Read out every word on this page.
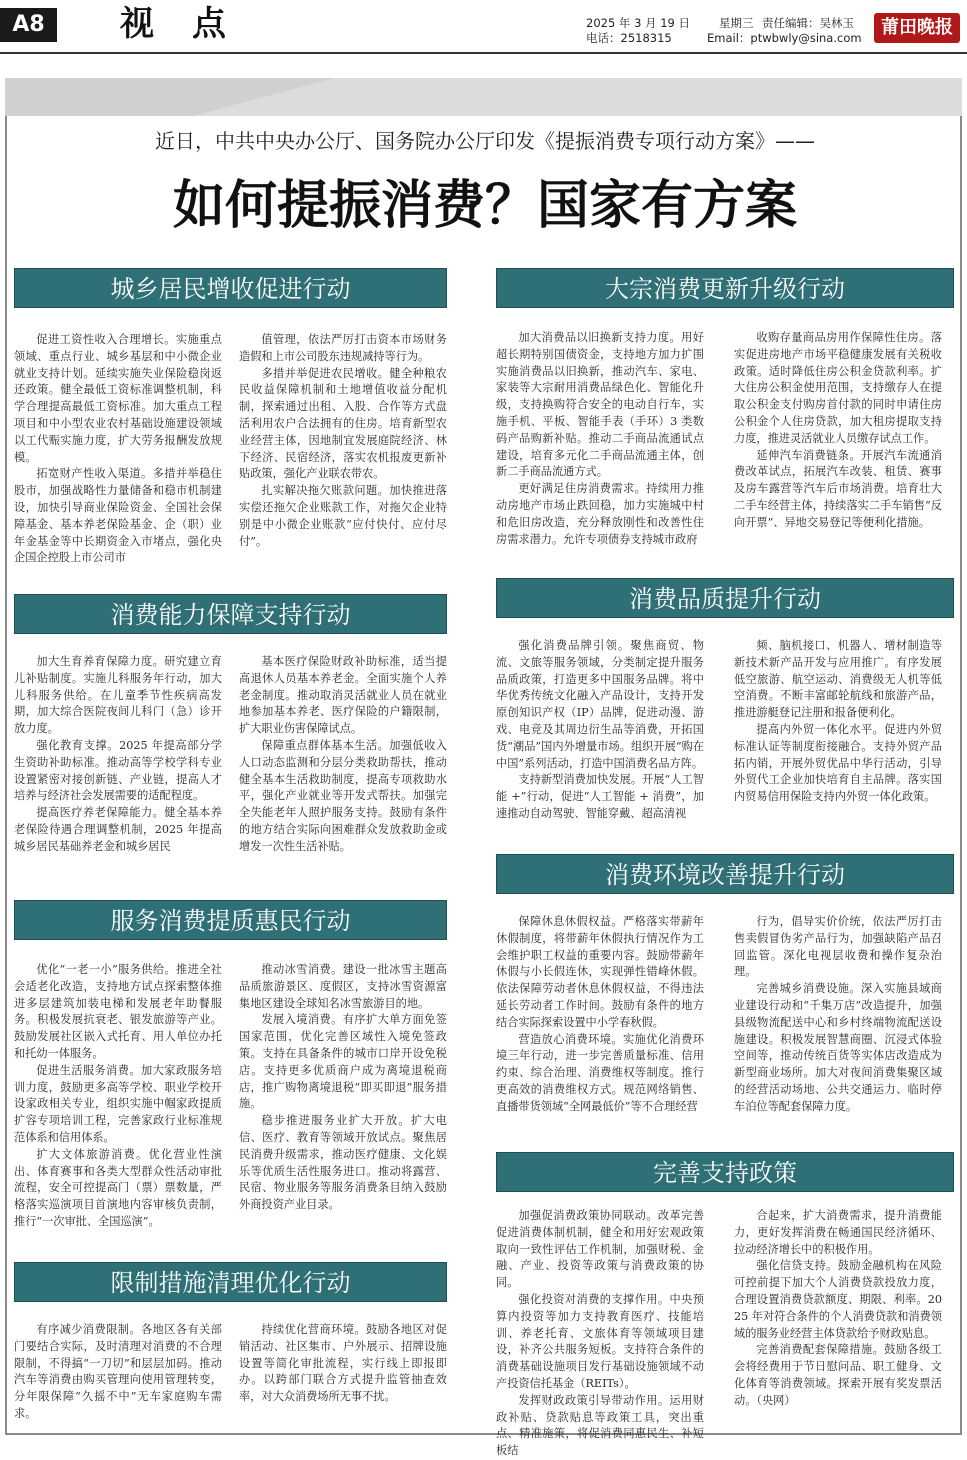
A8	视点	2025 年 3 月 19 日
电话：2518315
星期三 责任编辑：吴林玉
Email：ptwbwly@sina.com	莆田晚报
近日，中共中央办公厅、国务院办公厅印发《提振消费专项行动方案》——
如何提振消费？国家有方案
城乡居民增收促进行动

促进工资性收入合理增长。实施重点领域、重点行业、城乡基层和中小微企业就业支持计划。延续实施失业保险稳岗返还政策。健全最低工资标准调整机制，科学合理提高最低工资标准。加大重点工程项目和中小型农业农村基础设施建设领域以工代赈实施力度，扩大劳务报酬发放规模。

拓宽财产性收入渠道。多措并举稳住股市，加强战略性力量储备和稳市机制建设，加快引导商业保险资金、全国社会保障基金、基本养老保险基金、企（职）业年金基金等中长期资金入市堵点，强化央企国企控股上市公司市

值管理，依法严厉打击资本市场财务造假和上市公司股东违规减持等行为。

多措并举促进农民增收。健全种粮农民收益保障机制和土地增值收益分配机制，探索通过出租、入股、合作等方式盘活利用农户合法拥有的住房。培育新型农业经营主体，因地制宜发展庭院经济、林下经济、民宿经济，落实农机报废更新补贴政策，强化产业联农带农。

扎实解决拖欠账款问题。加快推进落实偿还拖欠企业账款工作，对拖欠企业特别是中小微企业账款“应付快付、应付尽付”。

消费能力保障支持行动

加大生育养育保障力度。研究建立育儿补贴制度。实施儿科服务年行动，加大儿科服务供给。在儿童季节性疾病高发期，加大综合医院夜间儿科门（急）诊开放力度。

强化教育支撑。2025 年提高部分学生资助补助标准。推动高等学校学科专业设置紧密对接创新链、产业链，提高人才培养与经济社会发展需要的适配程度。

提高医疗养老保障能力。健全基本养老保险待遇合理调整机制，2025 年提高城乡居民基础养老金和城乡居民

基本医疗保险财政补助标准，适当提高退休人员基本养老金。全面实施个人养老金制度。推动取消灵活就业人员在就业地参加基本养老、医疗保险的户籍限制，扩大职业伤害保障试点。

保障重点群体基本生活。加强低收入人口动态监测和分层分类救助帮扶，推动健全基本生活救助制度，提高专项救助水平，强化产业就业等开发式帮扶。加强完全失能老年人照护服务支持。鼓励有条件的地方结合实际向困难群众发放救助金或增发一次性生活补贴。

服务消费提质惠民行动

优化“一老一小”服务供给。推进全社会适老化改造，支持地方试点探索整体推进多层建筑加装电梯和发展老年助餐服务。积极发展抗衰老、银发旅游等产业。鼓励发展社区嵌入式托育、用人单位办托和托幼一体服务。

促进生活服务消费。加大家政服务培训力度，鼓励更多高等学校、职业学校开设家政相关专业，组织实施中帼家政提质扩容专项培训工程，完善家政行业标准规范体系和信用体系。

扩大文体旅游消费。优化营业性演出、体育赛事和各类大型群众性活动审批流程，安全可控提高门（票）票数量，严格落实巡演项目首演地内容审核负责制，推行“一次审批、全国巡演”。

推动冰雪消费。建设一批冰雪主题高品质旅游景区、度假区，支持冰雪资源富集地区建设全球知名冰雪旅游目的地。

发展入境消费。有序扩大单方面免签国家范围，优化完善区域性入境免签政策。支持在具备条件的城市口岸开设免税店。支持更多优质商户成为离境退税商店，推广购物离境退税“即买即退”服务措施。

稳步推进服务业扩大开放。扩大电信、医疗、教育等领域开放试点。聚焦居民消费升级需求，推动医疗健康、文化娱乐等优质生活性服务进口。推动将露营、民宿、物业服务等服务消费条目纳入鼓励外商投资产业目录。

限制措施清理优化行动

有序减少消费限制。各地区各有关部门要结合实际，及时清理对消费的不合理限制，不得搞“一刀切”和层层加码。推动汽车等消费由购买管理向使用管理转变，分年限保障“久摇不中”无车家庭购车需求。

持续优化营商环境。鼓励各地区对促销活动、社区集市、户外展示、招牌设施设置等简化审批流程，实行线上即报即办。以跨部门联合方式提升监管抽查效率，对大众消费场所无事不扰。

大宗消费更新升级行动

加大消费品以旧换新支持力度。用好超长期特别国债资金，支持地方加力扩围实施消费品以旧换新，推动汽车、家电、家装等大宗耐用消费品绿色化、智能化升级，支持换购符合安全的电动自行车，实施手机、平板、智能手表（手环）3 类数码产品购新补贴。推动二手商品流通试点建设，培育多元化二手商品流通主体，创新二手商品流通方式。

更好满足住房消费需求。持续用力推动房地产市场止跌回稳，加力实施城中村和危旧房改造，充分释放刚性和改善性住房需求潜力。允许专项债券支持城市政府

收购存量商品房用作保障性住房。落实促进房地产市场平稳健康发展有关税收政策。适时降低住房公积金贷款利率。扩大住房公积金使用范围，支持缴存人在提取公积金支付购房首付款的同时申请住房公积金个人住房贷款，加大租房提取支持力度，推进灵活就业人员缴存试点工作。

延伸汽车消费链条。开展汽车流通消费改革试点，拓展汽车改装、租赁、赛事及房车露营等汽车后市场消费。培育壮大二手车经营主体，持续落实二手车销售“反向开票”、异地交易登记等便利化措施。

消费品质提升行动

强化消费品牌引领。聚焦商贸、物流、文旅等服务领域，分类制定提升服务品质政策，打造更多中国服务品牌。将中华优秀传统文化融入产品设计，支持开发原创知识产权（IP）品牌，促进动漫、游戏、电竞及其周边衍生品等消费，开拓国货“潮品”国内外增量市场。组织开展“购在中国”系列活动，打造中国消费名品方阵。

支持新型消费加快发展。开展“人工智能 +”行动，促进“人工智能 + 消费”，加速推动自动驾驶、智能穿戴、超高清视

频、脑机接口、机器人、增材制造等新技术新产品开发与应用推广。有序发展低空旅游、航空运动、消费级无人机等低空消费。不断丰富邮轮航线和旅游产品，推进游艇登记注册和报备便利化。

提高内外贸一体化水平。促进内外贸标准认证等制度衔接融合。支持外贸产品拓内销，开展外贸优品中华行活动，引导外贸代工企业加快培育自主品牌。落实国内贸易信用保险支持内外贸一体化政策。

消费环境改善提升行动

保障休息休假权益。严格落实带薪年休假制度，将带薪年休假执行情况作为工会维护职工权益的重要内容。鼓励带薪年休假与小长假连休，实现弹性错峰休假。依法保障劳动者休息休假权益，不得违法延长劳动者工作时间。鼓励有条件的地方结合实际探索设置中小学春秋假。

营造放心消费环境。实施优化消费环境三年行动，进一步完善质量标准、信用约束、综合治理、消费维权等制度。推行更高效的消费维权方式。规范网络销售、直播带货领域“全网最低价”等不合理经营

行为，倡导实价价统，依法严厉打击售卖假冒伪劣产品行为，加强缺陷产品召回监管。深化电视层收费和操作复杂治理。

完善城乡消费设施。深入实施县域商业建设行动和“千集万店”改造提升，加强县级物流配送中心和乡村终端物流配送设施建设。积极发展智慧商圈、沉浸式体验空间等，推动传统百货等实体店改造成为新型商业场所。加大对夜间消费集聚区域的经营活动场地、公共交通运力、临时停车泊位等配套保障力度。

完善支持政策

加强促消费政策协同联动。改革完善促进消费体制机制，健全和用好宏观政策取向一致性评估工作机制，加强财税、金融、产业、投资等政策与消费政策的协同。

强化投资对消费的支撑作用。中央预算内投资等加力支持教育医疗、技能培训、养老托育、文旅体育等领域项目建设，补齐公共服务短板。支持符合条件的消费基础设施项目发行基础设施领域不动产投资信托基金（REITs）。

发挥财政政策引导带动作用。运用财政补贴、贷款贴息等政策工具，突出重点、精准施策，将促消费同惠民生、补短板结

合起来，扩大消费需求，提升消费能力，更好发挥消费在畅通国民经济循环、拉动经济增长中的积极作用。

强化信贷支持。鼓励金融机构在风险可控前提下加大个人消费贷款投放力度，合理设置消费贷款额度、期限、利率。2025 年对符合条件的个人消费贷款和消费领域的服务业经营主体贷款给予财政贴息。

完善消费配套保障措施。鼓励各级工会将经费用于节日慰问品、职工健身、文化体育等消费领域。探索开展有奖发票活动。（央网）
